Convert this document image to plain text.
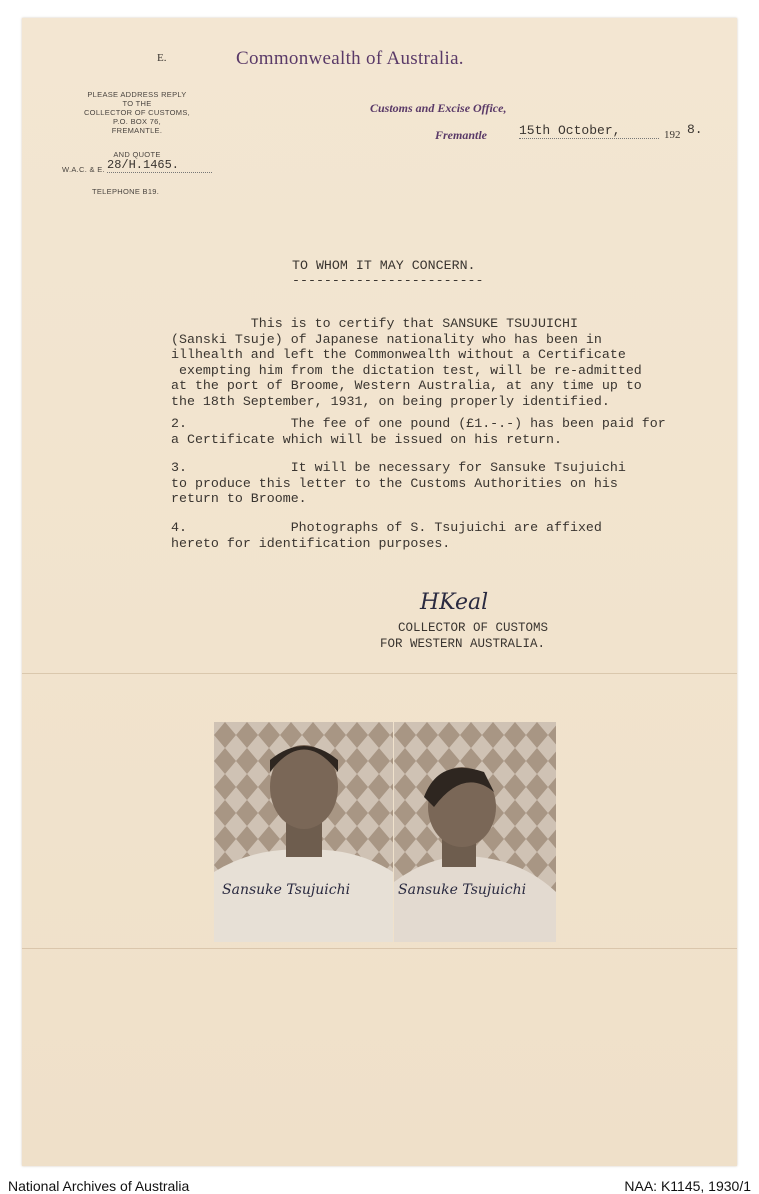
E.	Commonwealth of Australia.

PLEASE ADDRESS REPLY
TO THE
COLLECTOR OF CUSTOMS,
P.O. BOX 76,
FREMANTLE.

AND QUOTE

W.A.C. & E. 28/H.1465.

TELEPHONE B19.

Customs and Excise Office,

Fremantle 15th October,	192 8.

TO WHOM IT MAY CONCERN.

------------------------

This is to certify that SANSUKE TSUJUICHI
(Sanski Tsuje) of Japanese nationality who has been in
illhealth and left the Commonwealth without a Certificate
exempting him from the dictation test, will be re-admitted
at the port of Broome, Western Australia, at any time up to
the 18th September, 1931, on being properly identified.

2.             The fee of one pound (£1.-.-) has been paid for
a Certificate which will be issued on his return.

3.             It will be necessary for Sansuke Tsujuichi
to produce this letter to the Customs Authorities on his
return to Broome.

4.             Photographs of S. Tsujuichi are affixed
hereto for identification purposes.

HKeal

COLLECTOR OF CUSTOMS

FOR WESTERN AUSTRALIA.

Sansuke Tsujuichi	Sansuke Tsujuichi

National Archives of Australia	NAA: K1145, 1930/1
